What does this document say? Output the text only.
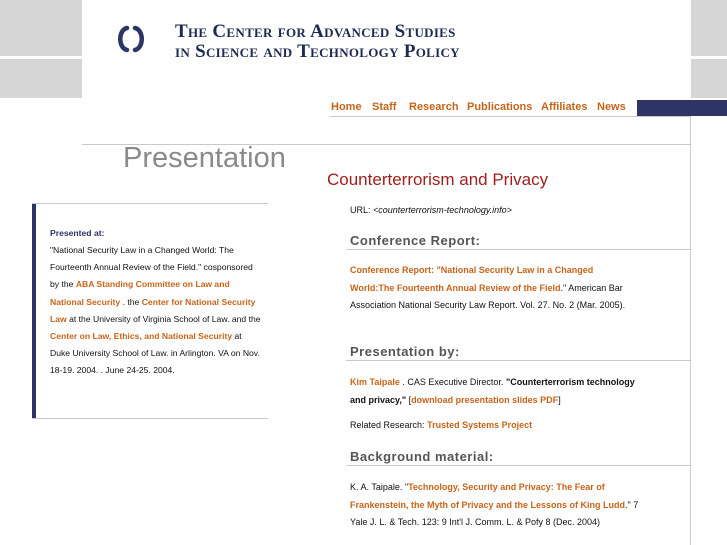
The Center for Advanced Studies
in Science and Technology Policy
Home Staff Research Publications Affiliates News
Presentation
Counterterrorism and Privacy
Presented at:
"National Security Law in a Changed World: The Fourteenth Annual Review of the Field." cosponsored by the ABA Standing Committee on Law and National Security . the Center for National Security Law at the University of Virginia School of Law. and the Center on Law, Ethics, and National Security at Duke University School of Law. in Arlington. VA on Nov. 18-19. 2004. . June 24-25. 2004.
URL: <counterterrorism-technology.info>
Conference Report:
Conference Report: "National Security Law in a Changed World:The Fourteenth Annual Review of the Field." American Bar Association National Security Law Report. Vol. 27. No. 2 (Mar. 2005).
Presentation by:
Kim Taipale . CAS Executive Director. "Counterterrorism technology and privacy," [download presentation slides PDF]
Related Research: Trusted Systems Project
Background material:
K. A. Taipale. "Technology, Security and Privacy: The Fear of Frankenstein, the Myth of Privacy and the Lessons of King Ludd." 7 Yale J. L. & Tech. 123: 9 Int'l J. Comm. L. & Pofy 8 (Dec. 2004)
